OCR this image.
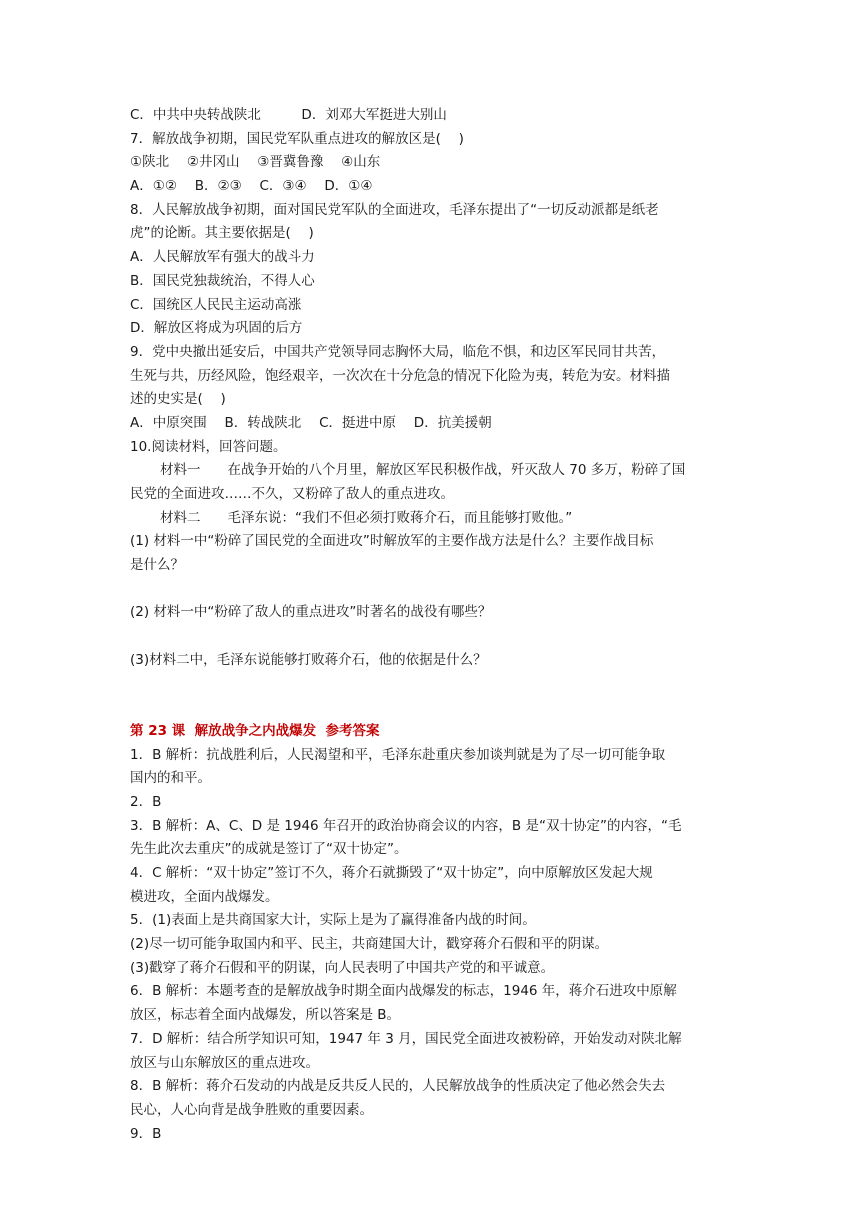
C．中共中央转战陕北　　　D．刘邓大军挺进大别山
7．解放战争初期，国民党军队重点进攻的解放区是(　 )
①陕北　 ②井冈山　 ③晋冀鲁豫　 ④山东
A．①②　 B．②③　 C．③④　 D．①④
8．人民解放战争初期，面对国民党军队的全面进攻，毛泽东提出了“一切反动派都是纸老
虎”的论断。其主要依据是(　 )
A．人民解放军有强大的战斗力
B．国民党独裁统治，不得人心
C．国统区人民民主运动高涨
D．解放区将成为巩固的后方
9．党中央撤出延安后，中国共产党领导同志胸怀大局，临危不惧，和边区军民同甘共苦，
生死与共，历经风险，饱经艰辛，一次次在十分危急的情况下化险为夷，转危为安。材料描
述的史实是(　 )
A．中原突围　 B．转战陕北　 C．挺进中原　 D．抗美援朝
10.阅读材料，回答问题。
材料一　　在战争开始的八个月里，解放区军民积极作战，歼灭敌人 70 多万，粉碎了国
民党的全面进攻……不久，又粉碎了敌人的重点进攻。
材料二　　毛泽东说：“我们不但必须打败蒋介石，而且能够打败他。”
(1) 材料一中“粉碎了国民党的全面进攻”时解放军的主要作战方法是什么？主要作战目标
是什么？
(2) 材料一中“粉碎了敌人的重点进攻”时著名的战役有哪些？
(3)材料二中，毛泽东说能够打败蒋介石，他的依据是什么？
第 23 课  解放战争之内战爆发  参考答案
1．B 解析：抗战胜利后，人民渴望和平，毛泽东赴重庆参加谈判就是为了尽一切可能争取
国内的和平。
2．B
3．B 解析：A、C、D 是 1946 年召开的政治协商会议的内容，B 是“双十协定”的内容，“毛
先生此次去重庆”的成就是签订了“双十协定”。
4．C 解析：“双十协定”签订不久，蒋介石就撕毁了“双十协定”，向中原解放区发起大规
模进攻，全面内战爆发。
5．(1)表面上是共商国家大计，实际上是为了赢得准备内战的时间。
(2)尽一切可能争取国内和平、民主，共商建国大计，戳穿蒋介石假和平的阴谋。
(3)戳穿了蒋介石假和平的阴谋，向人民表明了中国共产党的和平诚意。
6．B 解析：本题考查的是解放战争时期全面内战爆发的标志，1946 年，蒋介石进攻中原解
放区，标志着全面内战爆发，所以答案是 B。
7．D 解析：结合所学知识可知，1947 年 3 月，国民党全面进攻被粉碎，开始发动对陕北解
放区与山东解放区的重点进攻。
8．B 解析：蒋介石发动的内战是反共反人民的，人民解放战争的性质决定了他必然会失去
民心，人心向背是战争胜败的重要因素。
9．B
